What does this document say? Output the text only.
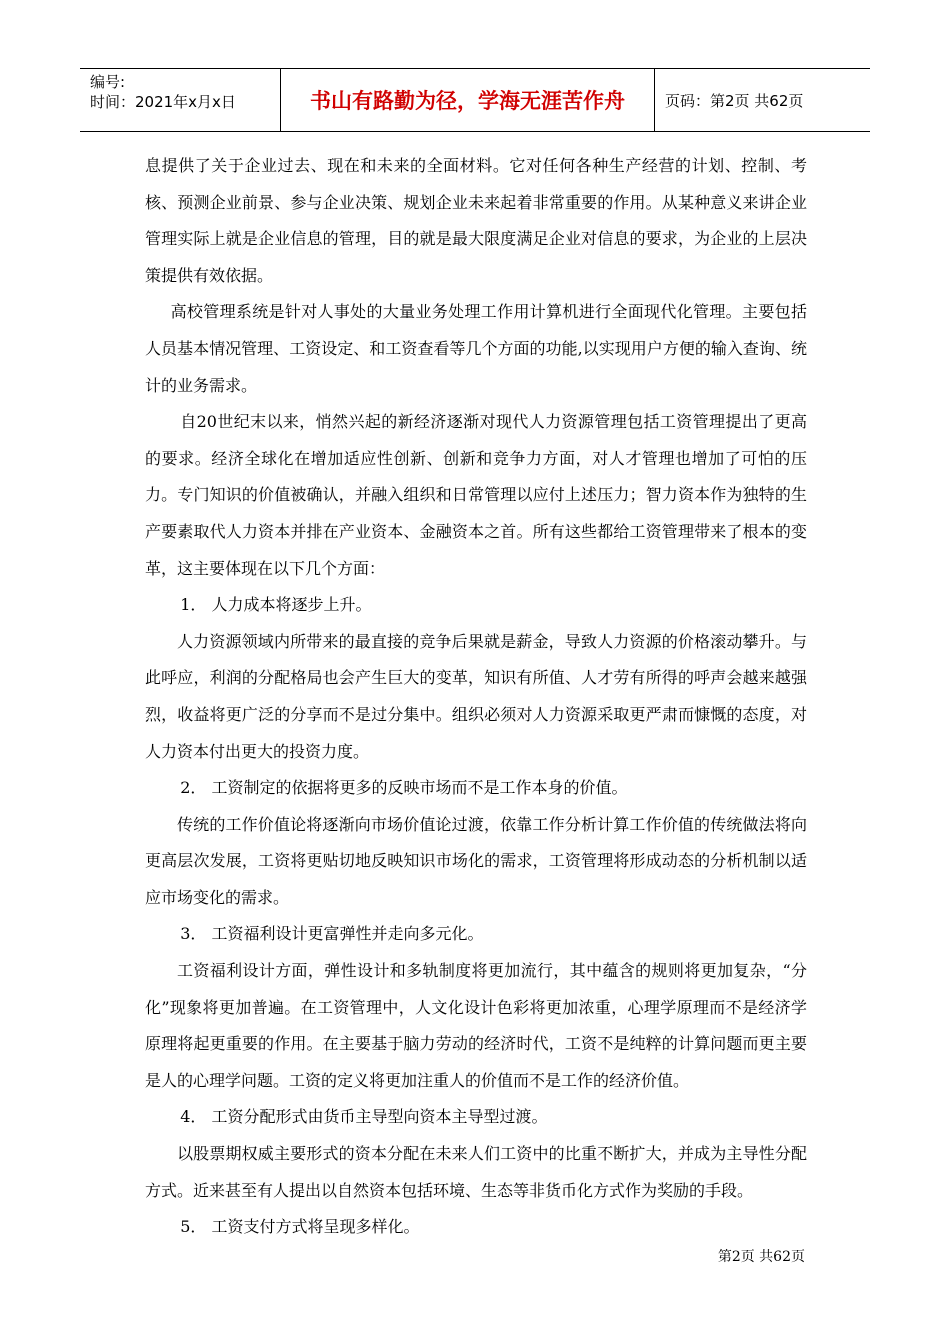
编号:
时间：2021年x月x日	书山有路勤为径，学海无涯苦作舟	页码：第2页 共62页

息提供了关于企业过去、现在和未来的全面材料。它对任何各种生产经营的计划、控制、考核、预测企业前景、参与企业决策、规划企业未来起着非常重要的作用。从某种意义来讲企业管理实际上就是企业信息的管理，目的就是最大限度满足企业对信息的要求，为企业的上层决策提供有效依据。

高校管理系统是针对人事处的大量业务处理工作用计算机进行全面现代化管理。主要包括人员基本情况管理、工资设定、和工资查看等几个方面的功能,以实现用户方便的输入查询、统计的业务需求。

自20世纪末以来，悄然兴起的新经济逐渐对现代人力资源管理包括工资管理提出了更高的要求。经济全球化在增加适应性创新、创新和竞争力方面，对人才管理也增加了可怕的压力。专门知识的价值被确认，并融入组织和日常管理以应付上述压力；智力资本作为独特的生产要素取代人力资本并排在产业资本、金融资本之首。所有这些都给工资管理带来了根本的变革，这主要体现在以下几个方面：

1． 人力成本将逐步上升。

人力资源领域内所带来的最直接的竞争后果就是薪金，导致人力资源的价格滚动攀升。与此呼应，利润的分配格局也会产生巨大的变革，知识有所值、人才劳有所得的呼声会越来越强烈，收益将更广泛的分享而不是过分集中。组织必须对人力资源采取更严肃而慷慨的态度，对人力资本付出更大的投资力度。

2． 工资制定的依据将更多的反映市场而不是工作本身的价值。

传统的工作价值论将逐渐向市场价值论过渡，依靠工作分析计算工作价值的传统做法将向更高层次发展，工资将更贴切地反映知识市场化的需求，工资管理将形成动态的分析机制以适应市场变化的需求。

3． 工资福利设计更富弹性并走向多元化。

工资福利设计方面，弹性设计和多轨制度将更加流行，其中蕴含的规则将更加复杂，“分化”现象将更加普遍。在工资管理中，人文化设计色彩将更加浓重，心理学原理而不是经济学原理将起更重要的作用。在主要基于脑力劳动的经济时代，工资不是纯粹的计算问题而更主要是人的心理学问题。工资的定义将更加注重人的价值而不是工作的经济价值。

4． 工资分配形式由货币主导型向资本主导型过渡。

以股票期权威主要形式的资本分配在未来人们工资中的比重不断扩大，并成为主导性分配方式。近来甚至有人提出以自然资本包括环境、生态等非货币化方式作为奖励的手段。

5． 工资支付方式将呈现多样化。

第2页 共62页
